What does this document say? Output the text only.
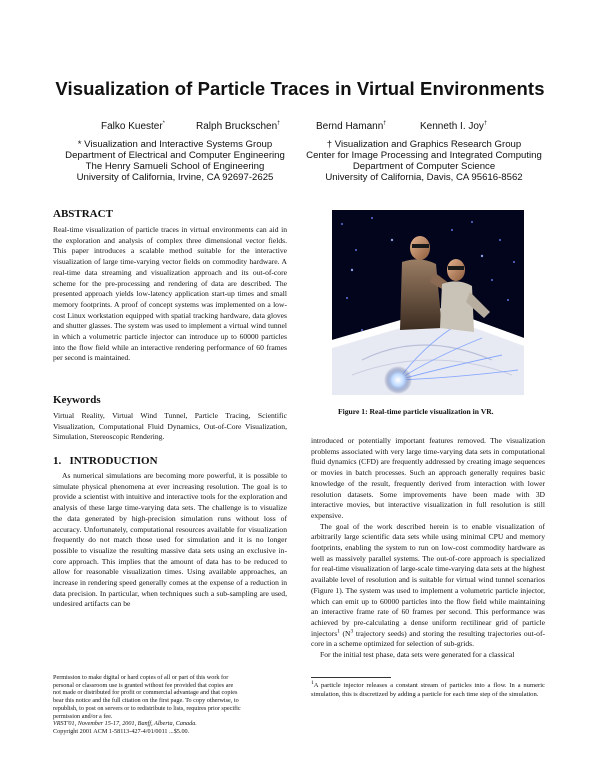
Visualization of Particle Traces in Virtual Environments
Falko Kuester*	Ralph Bruckschen†	Bernd Hamann†	Kenneth I. Joy†
* Visualization and Interactive Systems Group
Department of Electrical and Computer Engineering
The Henry Samueli School of Engineering
University of California, Irvine, CA 92697-2625
† Visualization and Graphics Research Group
Center for Image Processing and Integrated Computing
Department of Computer Science
University of California, Davis, CA 95616-8562
ABSTRACT

Real-time visualization of particle traces in virtual environments can aid in the exploration and analysis of complex three dimensional vector fields. This paper introduces a scalable method suitable for the interactive visualization of large time-varying vector fields on commodity hardware. A real-time data streaming and visualization approach and its out-of-core scheme for the pre-processing and rendering of data are described. The presented approach yields low-latency application start-up times and small memory footprints. A proof of concept systems was implemented on a low-cost Linux workstation equipped with spatial tracking hardware, data gloves and shutter glasses. The system was used to implement a virtual wind tunnel in which a volumetric particle injector can introduce up to 60000 particles into the flow field while an interactive rendering performance of 60 frames per second is maintained.

Keywords

Virtual Reality, Virtual Wind Tunnel, Particle Tracing, Scientific Visualization, Computational Fluid Dynamics, Out-of-Core Visualization, Simulation, Stereoscopic Rendering.

1.   INTRODUCTION

As numerical simulations are becoming more powerful, it is possible to simulate physical phenomena at ever increasing resolution. The goal is to provide a scientist with intuitive and interactive tools for the exploration and analysis of these large time-varying data sets. The challenge is to visualize the data generated by high-precision simulation runs without loss of accuracy. Unfortunately, computational resources available for visualization frequently do not match those used for simulation and it is no longer possible to visualize the resulting massive data sets using an exclusive in-core approach. This implies that the amount of data has to be reduced to allow for reasonable visualization times. Using available approaches, an increase in rendering speed generally comes at the expense of a reduction in data precision. In particular, when techniques such a sub-sampling are used, undesired artifacts can be

Permission to make digital or hard copies of all or part of this work for
personal or classroom use is granted without fee provided that copies are
not made or distributed for profit or commercial advantage and that copies
bear this notice and the full citation on the first page. To copy otherwise, to
republish, to post on servers or to redistribute to lists, requires prior specific
permission and/or a fee.
VRST'01, November 15-17, 2001, Banff, Alberta, Canada.
Copyright 2001 ACM 1-58113-427-4/01/0011 ...$5.00.
Figure 1: Real-time particle visualization in VR.

introduced or potentially important features removed. The visualization problems associated with very large time-varying data sets in computational fluid dynamics (CFD) are frequently addressed by creating image sequences or movies in batch processes. Such an approach generally requires basic knowledge of the result, frequently derived from interaction with lower resolution datasets. Some improvements have been made with 3D interactive movies, but interactive visualization in full resolution is still expensive.

The goal of the work described herein is to enable visualization of arbitrarily large scientific data sets while using minimal CPU and memory footprints, enabling the system to run on low-cost commodity hardware as well as massively parallel systems. The out-of-core approach is specialized for real-time visualization of large-scale time-varying data sets at the highest available level of resolution and is suitable for virtual wind tunnel scenarios (Figure 1). The system was used to implement a volumetric particle injector, which can emit up to 60000 particles into the flow field while maintaining an interactive frame rate of 60 frames per second. This performance was achieved by pre-calculating a dense uniform rectilinear grid of particle injectors$^1$ ($N^3$ trajectory seeds) and storing the resulting trajectories out-of-core in a scheme optimized for selection of sub-grids.

For the initial test phase, data sets were generated for a classical

$^1$A particle injector releases a constant stream of particles into a flow. In a numeric simulation, this is discretized by adding a particle for each time step of the simulation.
